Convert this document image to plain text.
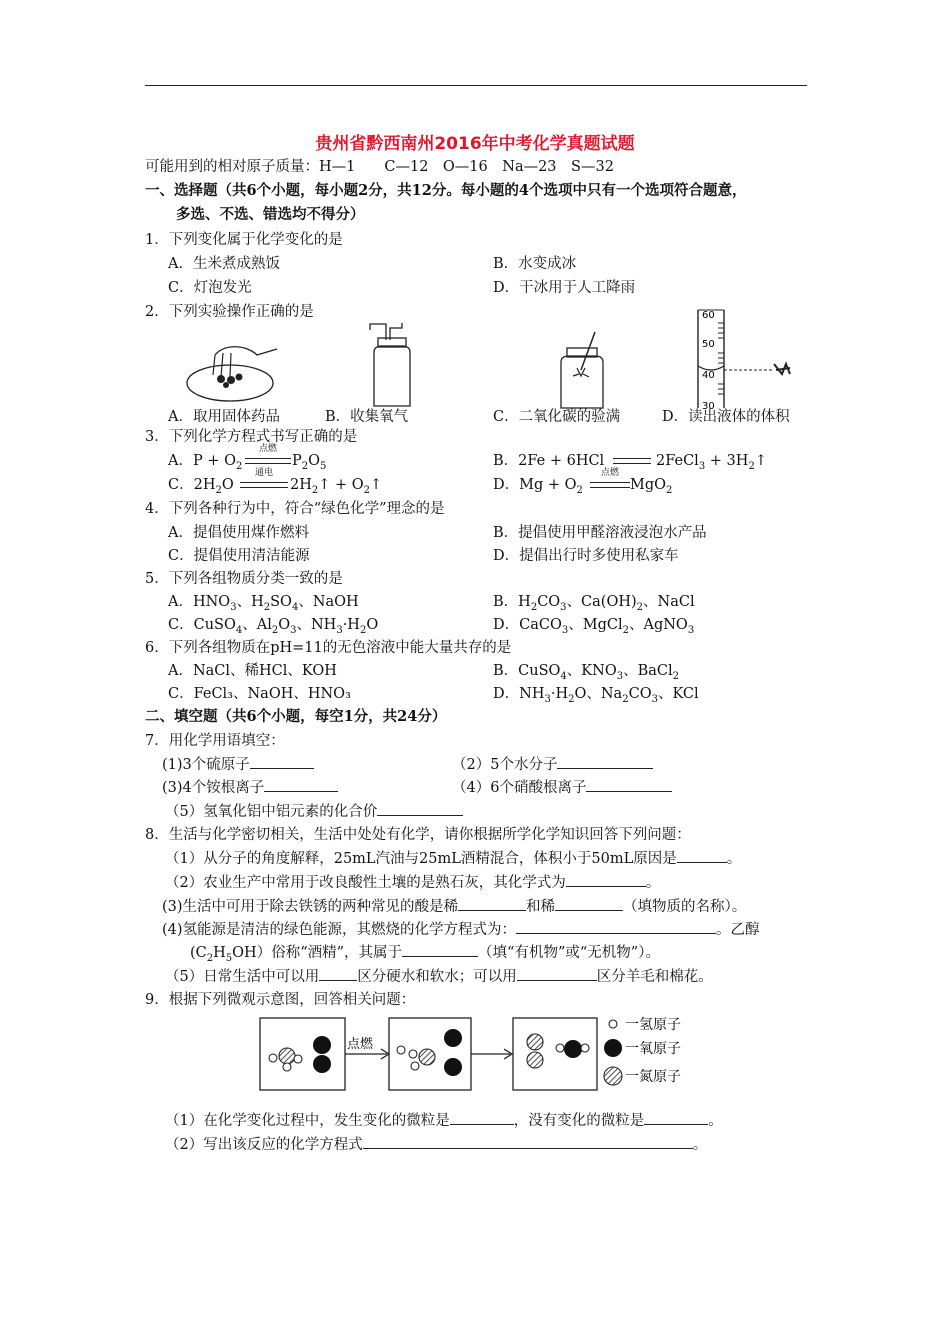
贵州省黔西南州2016年中考化学真题试题
可能用到的相对原子质量：H—1　　C—12　O—16　Na—23　S—32
一、选择题（共6个小题，每小题2分，共12分。每小题的4个选项中只有一个选项符合题意，
多选、不选、错选均不得分）
1．下列变化属于化学变化的是
A．生米煮成熟饭	B．水变成冰
C．灯泡发光	D．干冰用于人工降雨
2．下列实验操作正确的是	60
50
40
30
A．取用固体药品	B．收集氧气	C．二氧化碳的验满	D．读出液体的体积
3．下列化学方程式书写正确的是
A．$P + O_2$
点燃
$P_2O_5$	B．2Fe + 6HCl	2FeCl$_3$ + $3H_2↑$
C．$2H_2O$
通电
$2H_2↑$ + $O_2↑$	D．$Mg + O_2$
点燃
MgO$_2$
4．下列各种行为中，符合“绿色化学”理念的是
A．提倡使用煤作燃料	B．提倡使用甲醛溶液浸泡水产品
C．提倡使用清洁能源	D．提倡出行时多使用私家车
5．下列各组物质分类一致的是
A．$HNO_3$、$H_2SO_4$、NaOH	B．$H_2CO_3$、$Ca(OH)_2$、NaCl
C．CuSO$_4$、$Al_2O_3$、$NH_3\cdot H_2O$	D．CaCO$_3$、MgCl$_2$、AgNO$_3$
6．下列各组物质在pH=11的无色溶液中能大量共存的是
A．NaCl、稀HCl、KOH	B．CuSO$_4$、$KNO_3$、BaCl$_2$
C．FeCl₃、NaOH、HNO₃	D．$NH_3\cdot H_2O$、$Na_2CO_3$、KCl
二、填空题（共6个小题，每空1分，共24分）
7．用化学用语填空：
(1)3个硫原子	（2）5个水分子
(3)4个铵根离子	（4）6个硝酸根离子
（5）氢氧化铝中铝元素的化合价
8．生活与化学密切相关，生活中处处有化学，请你根据所学化学知识回答下列问题：
（1）从分子的角度解释，25mL汽油与25mL酒精混合，体积小于50mL原因是	。
（2）农业生产中常用于改良酸性土壤的是熟石灰，其化学式为	。
(3)生活中可用于除去铁锈的两种常见的酸是稀	和稀	（填物质的名称）。
(4)氢能源是清洁的绿色能源，其燃烧的化学方程式为：	。乙醇
$(C_2H_5OH)$俗称“酒精”，其属于	（填“有机物”或“无机物”）。
（5）日常生活中可以用	区分硬水和软水；可以用	区分羊毛和棉花。
9．根据下列微观示意图，回答相关问题：
点燃
一氢原子
一氧原子
一氮原子
（1）在化学变化过程中，发生变化的微粒是	，没有变化的微粒是	。
（2）写出该反应的化学方程式	。
